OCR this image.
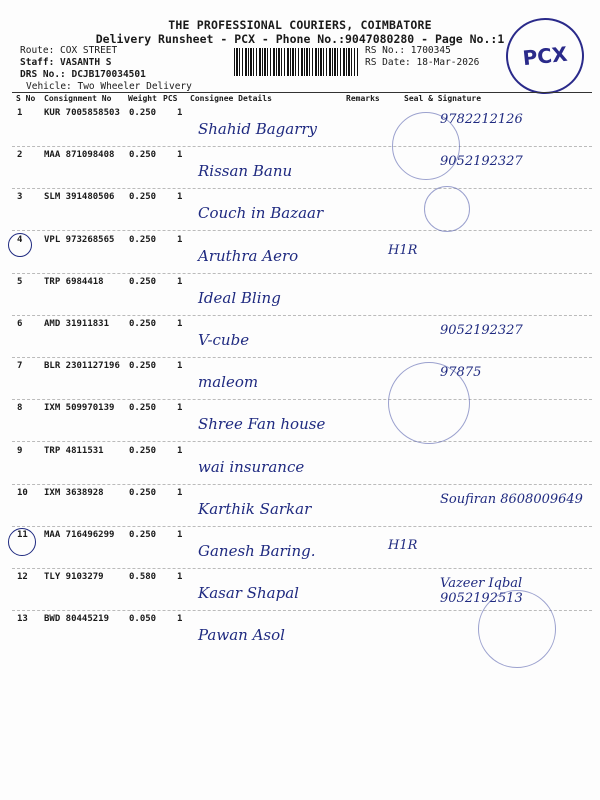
THE PROFESSIONAL COURIERS, COIMBATORE
Delivery Runsheet - PCX - Phone No.:9047080280 - Page No.:1
Route: COX STREET
Staff: VASANTH S
DRS No.: DCJB170034501
Vehicle: Two Wheeler Delivery
RS No.: 1700345
RS Date: 18-Mar-2026	PCX
S No Consignment No Weight PCS Consignee Details	Remarks	Seal & Signature
1 KUR 7005858503 0.250 1
Shahid Bagarry
9782212126
2 MAA 871098408 0.250 1
Rissan Banu
9052192327
3 SLM 391480506 0.250 1
Couch in Bazaar
4 VPL 973268565 0.250 1
Aruthra Aero	H1R
5 TRP 6984418	0.250 1
Ideal Bling
6 AMD 31911831 0.250 1
V-cube
9052192327
7 BLR 2301127196 0.250 1
maleom
97875
8 IXM 509970139 0.250 1
Shree Fan house
9 TRP 4811531	0.250 1
wai insurance
10 IXM 3638928	0.250 1
Karthik Sarkar
Soufiran 8608009649
11 MAA 716496299 0.250 1
Ganesh Baring.	H1R
12 TLY 9103279	0.580 1
Kasar Shapal
Vazeer Iqbal 9052192513
13 BWD 80445219 0.050 1
Pawan Asol
